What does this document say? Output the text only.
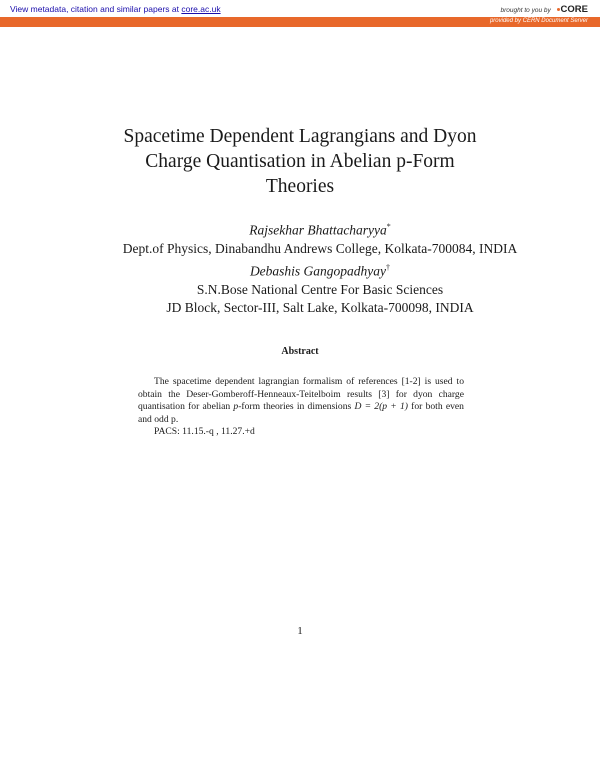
View metadata, citation and similar papers at core.ac.uk	brought to you by CORE
provided by CERN Document Server
Spacetime Dependent Lagrangians and Dyon
Charge Quantisation in Abelian p-Form
Theories
Rajsekhar Bhattacharyya*
Dept.of Physics, Dinabandhu Andrews College, Kolkata-700084, INDIA
Debashis Gangopadhyay†
S.N.Bose National Centre For Basic Sciences
JD Block, Sector-III, Salt Lake, Kolkata-700098, INDIA
Abstract

The spacetime dependent lagrangian formalism of references [1-2] is used to obtain the Deser-Gomberoff-Henneaux-Teitelboim results [3] for dyon charge quantisation for abelian p-form theories in dimensions D = 2(p + 1) for both even and odd p.

PACS: 11.15.-q , 11.27.+d

1
